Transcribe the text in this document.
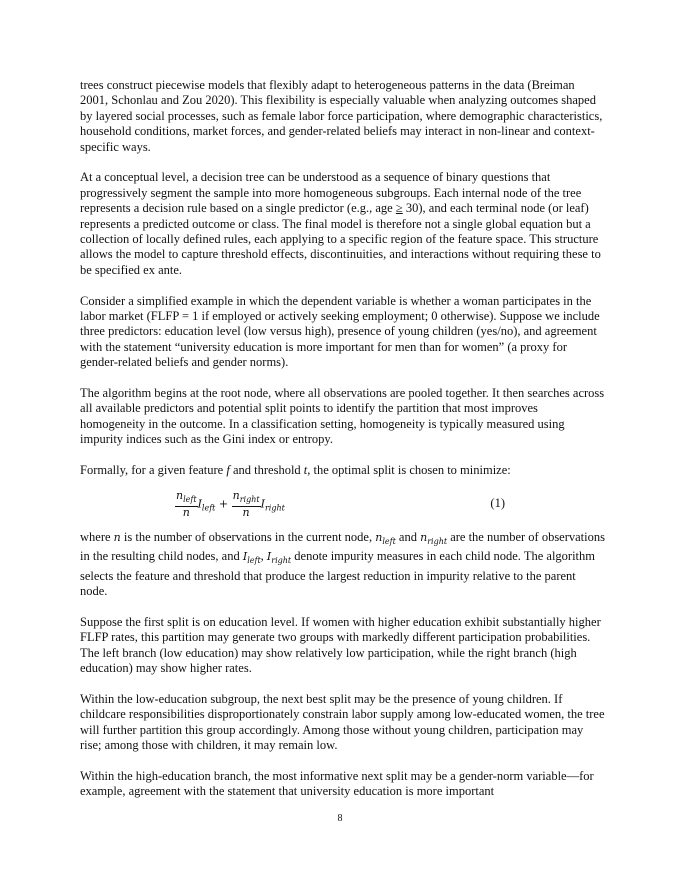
trees construct piecewise models that flexibly adapt to heterogeneous patterns in the data (Breiman 2001, Schonlau and Zou 2020). This flexibility is especially valuable when analyzing outcomes shaped by layered social processes, such as female labor force participation, where demographic characteristics, household conditions, market forces, and gender-related beliefs may interact in non-linear and context-specific ways.

At a conceptual level, a decision tree can be understood as a sequence of binary questions that progressively segment the sample into more homogeneous subgroups. Each internal node of the tree represents a decision rule based on a single predictor (e.g., age ≥ 30), and each terminal node (or leaf) represents a predicted outcome or class. The final model is therefore not a single global equation but a collection of locally defined rules, each applying to a specific region of the feature space. This structure allows the model to capture threshold effects, discontinuities, and interactions without requiring these to be specified ex ante.

Consider a simplified example in which the dependent variable is whether a woman participates in the labor market (FLFP = 1 if employed or actively seeking employment; 0 otherwise). Suppose we include three predictors: education level (low versus high), presence of young children (yes/no), and agreement with the statement “university education is more important for men than for women” (a proxy for gender-related beliefs and gender norms).

The algorithm begins at the root node, where all observations are pooled together. It then searches across all available predictors and potential split points to identify the partition that most improves homogeneity in the outcome. In a classification setting, homogeneity is typically measured using impurity indices such as the Gini index or entropy.

Formally, for a given feature f and threshold t, the optimal split is chosen to minimize:

$\frac{n_{left}}{n} I_{left} + \frac{n_{right}}{n} I_{right}$	(1)

where n is the number of observations in the current node, $n_{left}$ and $n_{right}$ are the number of observations in the resulting child nodes, and $I_{left}$, $I_{right}$ denote impurity measures in each child node. The algorithm selects the feature and threshold that produce the largest reduction in impurity relative to the parent node.

Suppose the first split is on education level. If women with higher education exhibit substantially higher FLFP rates, this partition may generate two groups with markedly different participation probabilities. The left branch (low education) may show relatively low participation, while the right branch (high education) may show higher rates.

Within the low-education subgroup, the next best split may be the presence of young children. If childcare responsibilities disproportionately constrain labor supply among low-educated women, the tree will further partition this group accordingly. Among those without young children, participation may rise; among those with children, it may remain low.

Within the high-education branch, the most informative next split may be a gender-norm variable—for example, agreement with the statement that university education is more important

8
